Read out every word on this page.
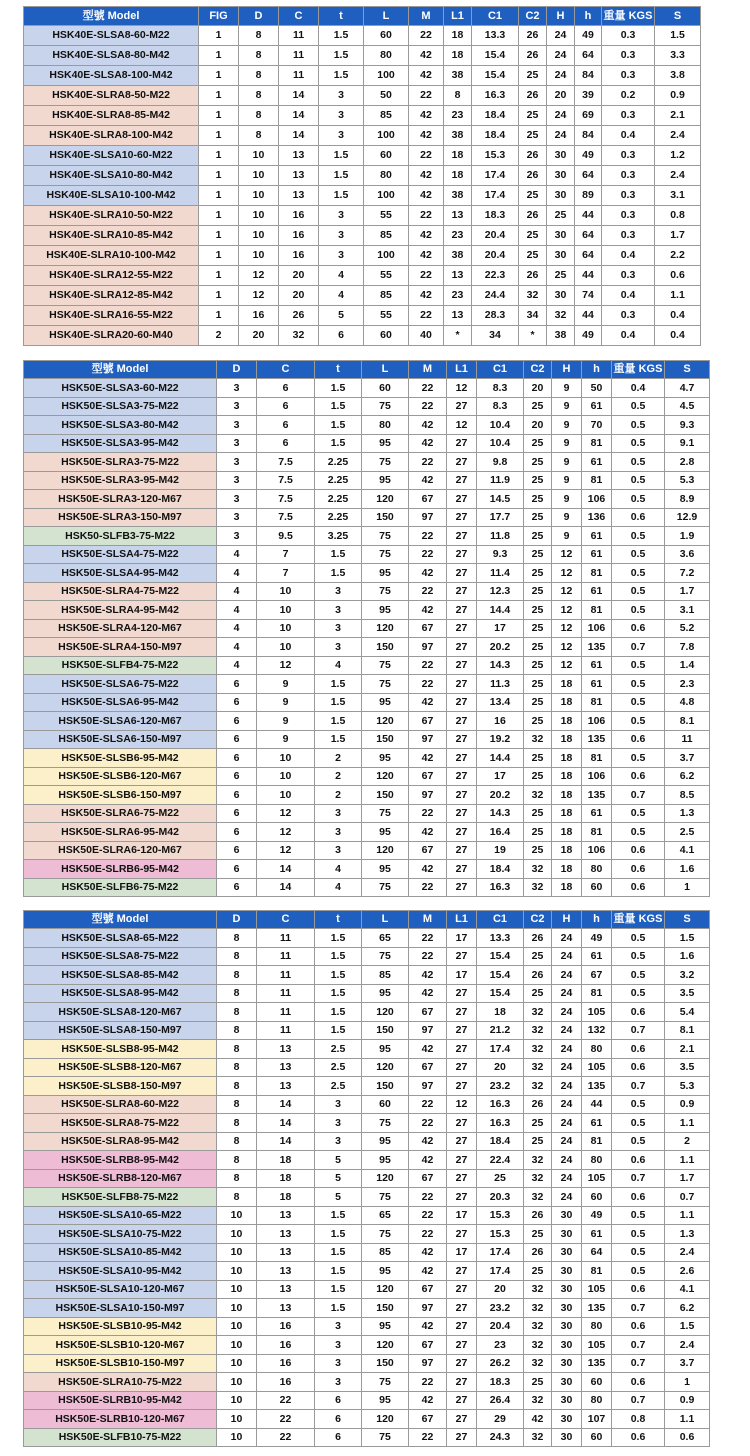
型號 Model	FIG	D	C	t	L	M	L1	C1	C2	H	h	重量 KGS	S
HSK40E-SLSA8-60-M22	1	8	11	1.5	60	22	18	13.3	26	24	49	0.3	1.5
HSK40E-SLSA8-80-M42	1	8	11	1.5	80	42	18	15.4	26	24	64	0.3	3.3
HSK40E-SLSA8-100-M42	1	8	11	1.5	100	42	38	15.4	25	24	84	0.3	3.8
HSK40E-SLRA8-50-M22	1	8	14	3	50	22	8	16.3	26	20	39	0.2	0.9
HSK40E-SLRA8-85-M42	1	8	14	3	85	42	23	18.4	25	24	69	0.3	2.1
HSK40E-SLRA8-100-M42	1	8	14	3	100	42	38	18.4	25	24	84	0.4	2.4
HSK40E-SLSA10-60-M22	1	10	13	1.5	60	22	18	15.3	26	30	49	0.3	1.2
HSK40E-SLSA10-80-M42	1	10	13	1.5	80	42	18	17.4	26	30	64	0.3	2.4
HSK40E-SLSA10-100-M42	1	10	13	1.5	100	42	38	17.4	25	30	89	0.3	3.1
HSK40E-SLRA10-50-M22	1	10	16	3	55	22	13	18.3	26	25	44	0.3	0.8
HSK40E-SLRA10-85-M42	1	10	16	3	85	42	23	20.4	25	30	64	0.3	1.7
HSK40E-SLRA10-100-M42	1	10	16	3	100	42	38	20.4	25	30	64	0.4	2.2
HSK40E-SLRA12-55-M22	1	12	20	4	55	22	13	22.3	26	25	44	0.3	0.6
HSK40E-SLRA12-85-M42	1	12	20	4	85	42	23	24.4	32	30	74	0.4	1.1
HSK40E-SLRA16-55-M22	1	16	26	5	55	22	13	28.3	34	32	44	0.3	0.4
HSK40E-SLRA20-60-M40	2	20	32	6	60	40	*	34	*	38	49	0.4	0.4
型號 Model	D	C	t	L	M	L1	C1	C2	H	h	重量 KGS	S
HSK50E-SLSA3-60-M22	3	6	1.5	60	22	12	8.3	20	9	50	0.4	4.7
HSK50E-SLSA3-75-M22	3	6	1.5	75	22	27	8.3	25	9	61	0.5	4.5
HSK50E-SLSA3-80-M42	3	6	1.5	80	42	12	10.4	20	9	70	0.5	9.3
HSK50E-SLSA3-95-M42	3	6	1.5	95	42	27	10.4	25	9	81	0.5	9.1
HSK50E-SLRA3-75-M22	3	7.5	2.25	75	22	27	9.8	25	9	61	0.5	2.8
HSK50E-SLRA3-95-M42	3	7.5	2.25	95	42	27	11.9	25	9	81	0.5	5.3
HSK50E-SLRA3-120-M67	3	7.5	2.25	120	67	27	14.5	25	9	106	0.5	8.9
HSK50E-SLRA3-150-M97	3	7.5	2.25	150	97	27	17.7	25	9	136	0.6	12.9
HSK50-SLFB3-75-M22	3	9.5	3.25	75	22	27	11.8	25	9	61	0.5	1.9
HSK50E-SLSA4-75-M22	4	7	1.5	75	22	27	9.3	25	12	61	0.5	3.6
HSK50E-SLSA4-95-M42	4	7	1.5	95	42	27	11.4	25	12	81	0.5	7.2
HSK50E-SLRA4-75-M22	4	10	3	75	22	27	12.3	25	12	61	0.5	1.7
HSK50E-SLRA4-95-M42	4	10	3	95	42	27	14.4	25	12	81	0.5	3.1
HSK50E-SLRA4-120-M67	4	10	3	120	67	27	17	25	12	106	0.6	5.2
HSK50E-SLRA4-150-M97	4	10	3	150	97	27	20.2	25	12	135	0.7	7.8
HSK50E-SLFB4-75-M22	4	12	4	75	22	27	14.3	25	12	61	0.5	1.4
HSK50E-SLSA6-75-M22	6	9	1.5	75	22	27	11.3	25	18	61	0.5	2.3
HSK50E-SLSA6-95-M42	6	9	1.5	95	42	27	13.4	25	18	81	0.5	4.8
HSK50E-SLSA6-120-M67	6	9	1.5	120	67	27	16	25	18	106	0.5	8.1
HSK50E-SLSA6-150-M97	6	9	1.5	150	97	27	19.2	32	18	135	0.6	11
HSK50E-SLSB6-95-M42	6	10	2	95	42	27	14.4	25	18	81	0.5	3.7
HSK50E-SLSB6-120-M67	6	10	2	120	67	27	17	25	18	106	0.6	6.2
HSK50E-SLSB6-150-M97	6	10	2	150	97	27	20.2	32	18	135	0.7	8.5
HSK50E-SLRA6-75-M22	6	12	3	75	22	27	14.3	25	18	61	0.5	1.3
HSK50E-SLRA6-95-M42	6	12	3	95	42	27	16.4	25	18	81	0.5	2.5
HSK50E-SLRA6-120-M67	6	12	3	120	67	27	19	25	18	106	0.6	4.1
HSK50E-SLRB6-95-M42	6	14	4	95	42	27	18.4	32	18	80	0.6	1.6
HSK50E-SLFB6-75-M22	6	14	4	75	22	27	16.3	32	18	60	0.6	1
型號 Model	D	C	t	L	M	L1	C1	C2	H	h	重量 KGS	S
HSK50E-SLSA8-65-M22	8	11	1.5	65	22	17	13.3	26	24	49	0.5	1.5
HSK50E-SLSA8-75-M22	8	11	1.5	75	22	27	15.4	25	24	61	0.5	1.6
HSK50E-SLSA8-85-M42	8	11	1.5	85	42	17	15.4	26	24	67	0.5	3.2
HSK50E-SLSA8-95-M42	8	11	1.5	95	42	27	15.4	25	24	81	0.5	3.5
HSK50E-SLSA8-120-M67	8	11	1.5	120	67	27	18	32	24	105	0.6	5.4
HSK50E-SLSA8-150-M97	8	11	1.5	150	97	27	21.2	32	24	132	0.7	8.1
HSK50E-SLSB8-95-M42	8	13	2.5	95	42	27	17.4	32	24	80	0.6	2.1
HSK50E-SLSB8-120-M67	8	13	2.5	120	67	27	20	32	24	105	0.6	3.5
HSK50E-SLSB8-150-M97	8	13	2.5	150	97	27	23.2	32	24	135	0.7	5.3
HSK50E-SLRA8-60-M22	8	14	3	60	22	12	16.3	26	24	44	0.5	0.9
HSK50E-SLRA8-75-M22	8	14	3	75	22	27	16.3	25	24	61	0.5	1.1
HSK50E-SLRA8-95-M42	8	14	3	95	42	27	18.4	25	24	81	0.5	2
HSK50E-SLRB8-95-M42	8	18	5	95	42	27	22.4	32	24	80	0.6	1.1
HSK50E-SLRB8-120-M67	8	18	5	120	67	27	25	32	24	105	0.7	1.7
HSK50E-SLFB8-75-M22	8	18	5	75	22	27	20.3	32	24	60	0.6	0.7
HSK50E-SLSA10-65-M22	10	13	1.5	65	22	17	15.3	26	30	49	0.5	1.1
HSK50E-SLSA10-75-M22	10	13	1.5	75	22	27	15.3	25	30	61	0.5	1.3
HSK50E-SLSA10-85-M42	10	13	1.5	85	42	17	17.4	26	30	64	0.5	2.4
HSK50E-SLSA10-95-M42	10	13	1.5	95	42	27	17.4	25	30	81	0.5	2.6
HSK50E-SLSA10-120-M67	10	13	1.5	120	67	27	20	32	30	105	0.6	4.1
HSK50E-SLSA10-150-M97	10	13	1.5	150	97	27	23.2	32	30	135	0.7	6.2
HSK50E-SLSB10-95-M42	10	16	3	95	42	27	20.4	32	30	80	0.6	1.5
HSK50E-SLSB10-120-M67	10	16	3	120	67	27	23	32	30	105	0.7	2.4
HSK50E-SLSB10-150-M97	10	16	3	150	97	27	26.2	32	30	135	0.7	3.7
HSK50E-SLRA10-75-M22	10	16	3	75	22	27	18.3	25	30	60	0.6	1
HSK50E-SLRB10-95-M42	10	22	6	95	42	27	26.4	32	30	80	0.7	0.9
HSK50E-SLRB10-120-M67	10	22	6	120	67	27	29	42	30	107	0.8	1.1
HSK50E-SLFB10-75-M22	10	22	6	75	22	27	24.3	32	30	60	0.6	0.6
